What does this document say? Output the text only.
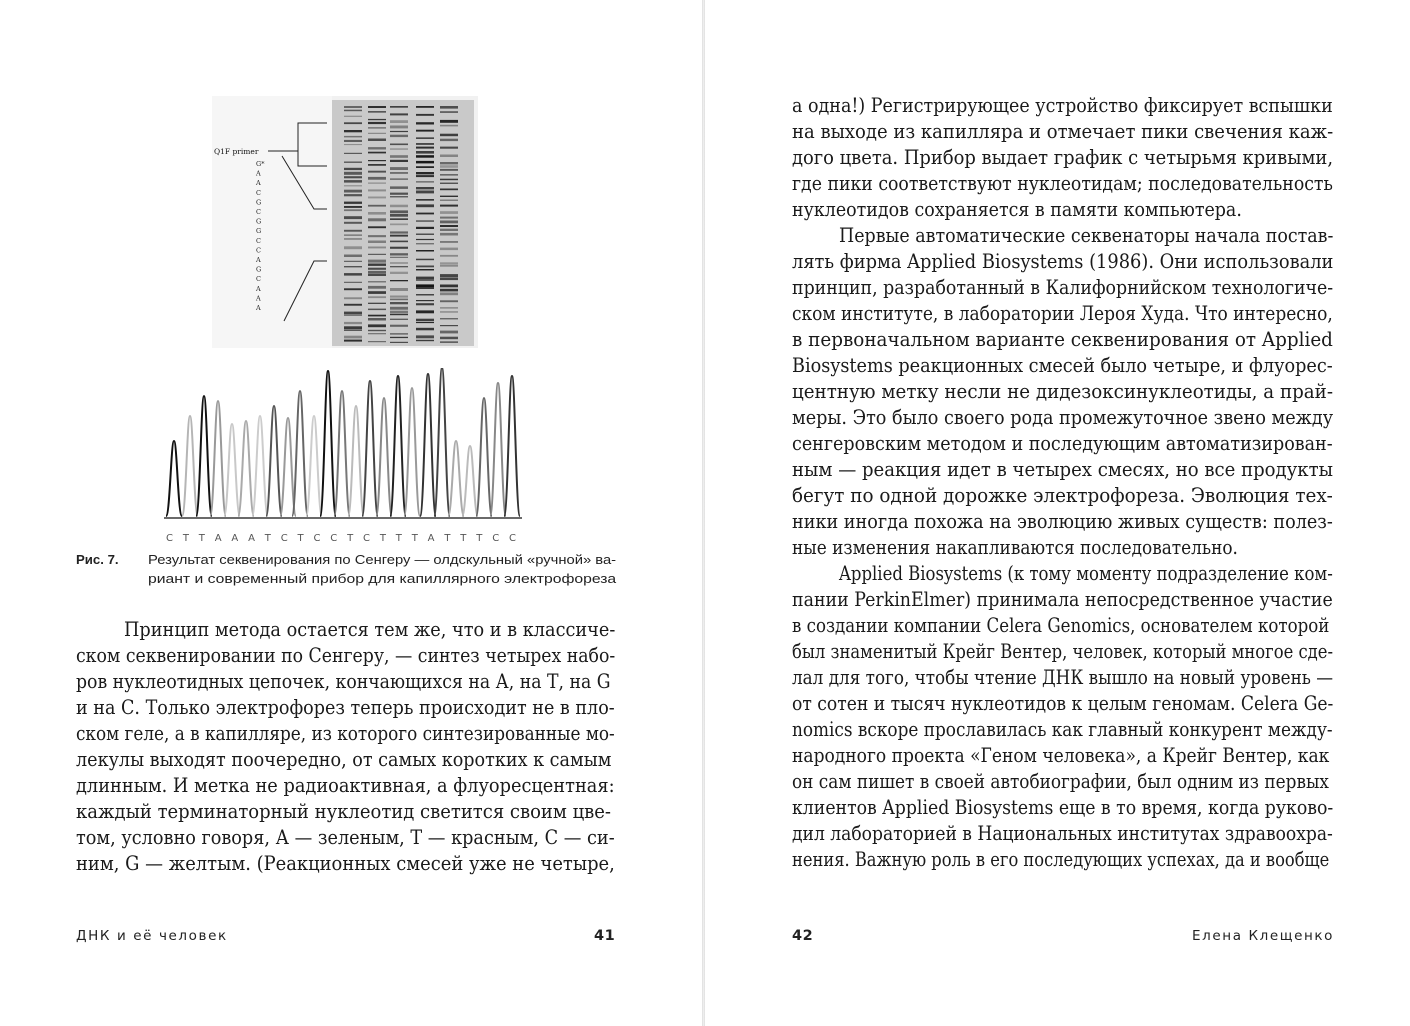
Q1F primer
G*
A
A
C
G
C
G
G
C
C
A
G
C
A
A
A
C T T A A A T C T C C T C T T T A T T T C C
Рис. 7. Результат секвенирования по Сенгеру — олдскульный «ручной» ва-
риант и современный прибор для капиллярного электрофореза
Принцип метода остается тем же, что и в классиче-
ском секвенировании по Сенгеру, — синтез четырех набо-
ров нуклеотидных цепочек, кончающихся на А, на Т, на G
и на С. Только электрофорез теперь происходит не в пло-
ском геле, а в капилляре, из которого синтезированные мо-
лекулы выходят поочередно, от самых коротких к самым
длинным. И метка не радиоактивная, а флуоресцентная:
каждый терминаторный нуклеотид светится своим цве-
том, условно говоря, А — зеленым, Т — красным, С — си-
ним, G — желтым. (Реакционных смесей уже не четыре,
ДНК и её человек	41
а одна!) Регистрирующее устройство фиксирует вспышки
на выходе из капилляра и отмечает пики свечения каж-
дого цвета. Прибор выдает график с четырьмя кривыми,
где пики соответствуют нуклеотидам; последовательность
нуклеотидов сохраняется в памяти компьютера.
Первые автоматические секвенаторы начала постав-
лять фирма Applied Biosystems (1986). Они использовали
принцип, разработанный в Калифорнийском технологиче-
ском институте, в лаборатории Лероя Худа. Что интересно,
в первоначальном варианте секвенирования от Applied
Biosystems реакционных смесей было четыре, и флуорес-
центную метку несли не дидезоксинуклеотиды, а прай-
меры. Это было своего рода промежуточное звено между
сенгеровским методом и последующим автоматизирован-
ным — реакция идет в четырех смесях, но все продукты
бегут по одной дорожке электрофореза. Эволюция тех-
ники иногда похожа на эволюцию живых существ: полез-
ные изменения накапливаются последовательно.
Applied Biosystems (к тому моменту подразделение ком-
пании PerkinElmer) принимала непосредственное участие
в создании компании Celera Genomics, основателем которой
был знаменитый Крейг Вентер, человек, который многое сде-
лал для того, чтобы чтение ДНК вышло на новый уровень —
от сотен и тысяч нуклеотидов к целым геномам. Celera Ge-
nomics вскоре прославилась как главный конкурент между-
народного проекта «Геном человека», а Крейг Вентер, как
он сам пишет в своей автобиографии, был одним из первых
клиентов Applied Biosystems еще в то время, когда руково-
дил лабораторией в Национальных институтах здравоохра-
нения. Важную роль в его последующих успехах, да и вообще
42	Елена Клещенко
